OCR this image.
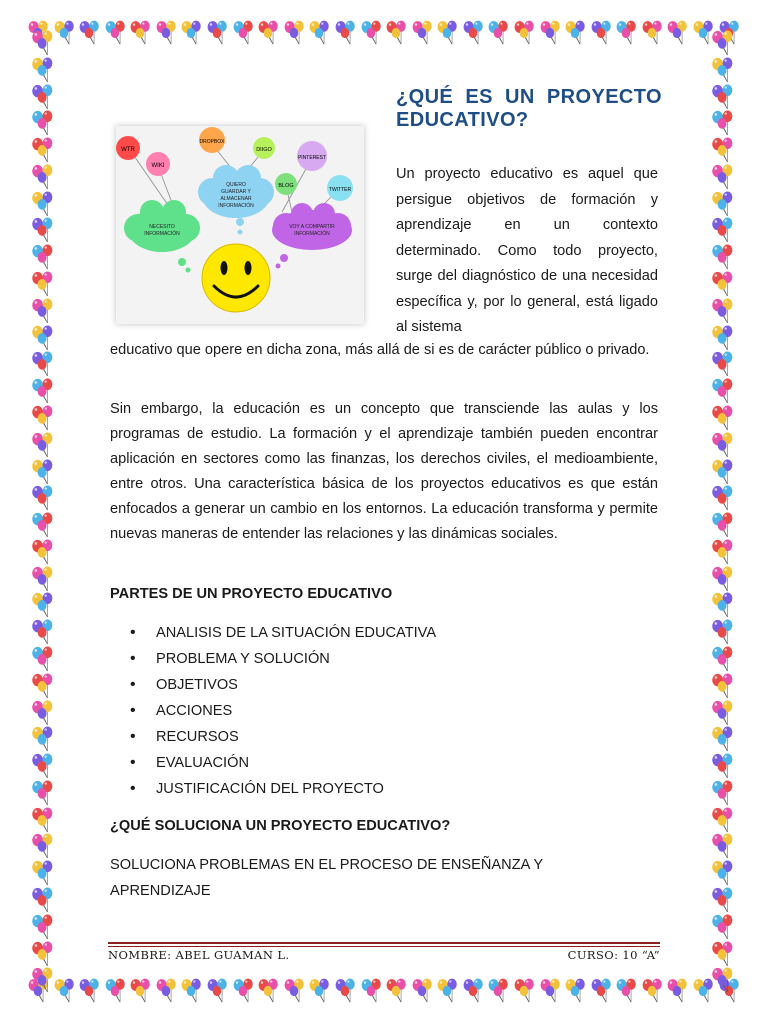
¿QUÉ ES UN PROYECTO EDUCATIVO?
WTR
WIKI
DROPBOX
DIIGO
PINTEREST
BLOG
TWITTER
QUIERO
GUARDAR Y
ALMACENAR
INFORMACIÓN
NECESITO
INFORMACIÓN
VOY A COMPARTIR
INFORMACIÓN

Un proyecto educativo es aquel que persigue objetivos de formación y aprendizaje en un contexto determinado. Como todo proyecto, surge del diagnóstico de una necesidad específica y, por lo general, está ligado al sistema

educativo que opere en dicha zona, más allá de si es de carácter público o privado.

Sin embargo, la educación es un concepto que transciende las aulas y los programas de estudio. La formación y el aprendizaje también pueden encontrar aplicación en sectores como las finanzas, los derechos civiles, el medioambiente, entre otros. Una característica básica de los proyectos educativos es que están enfocados a generar un cambio en los entornos. La educación transforma y permite nuevas maneras de entender las relaciones y las dinámicas sociales.

PARTES DE UN PROYECTO EDUCATIVO
• ANALISIS DE LA SITUACIÓN EDUCATIVA
• PROBLEMA Y SOLUCIÓN
• OBJETIVOS
• ACCIONES
• RECURSOS
• EVALUACIÓN
• JUSTIFICACIÓN DEL PROYECTO
¿QUÉ SOLUCIONA UN PROYECTO EDUCATIVO?

SOLUCIONA PROBLEMAS EN EL PROCESO DE ENSEÑANZA Y APRENDIZAJE

NOMBRE: ABEL GUAMAN L.	CURSO: 10 “A”
